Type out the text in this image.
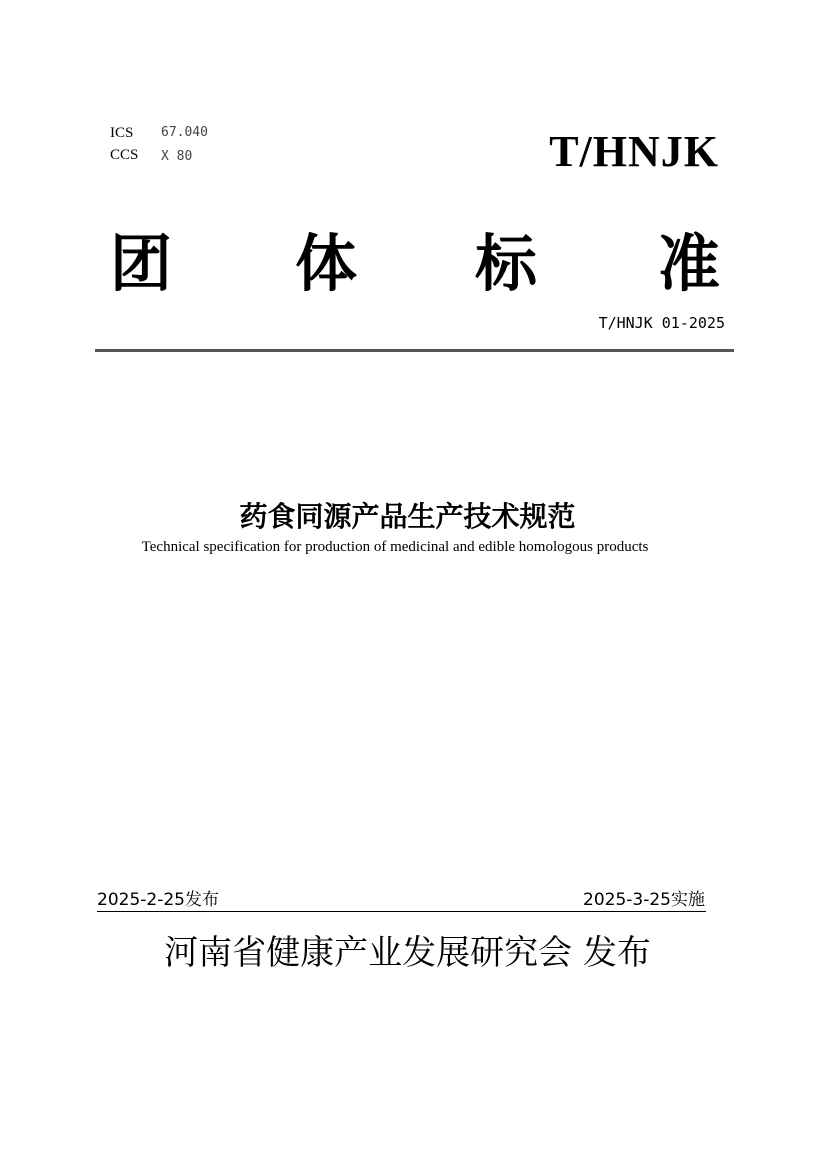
ICS 67.040
CCS X 80	T/HNJK
团 体 标 准
T/HNJK 01-2025
药食同源产品生产技术规范
Technical specification for production of medicinal and edible homologous products
2025-2-25发布	2025-3-25实施
河南省健康产业发展研究会 发布
